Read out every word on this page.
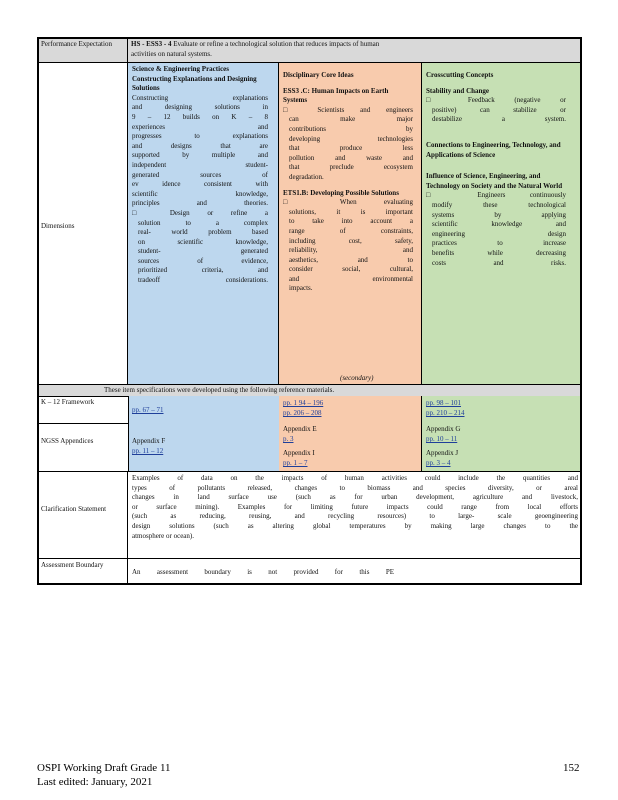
Performance Expectation	HS - ESS3 - 4 Evaluate or refine a technological solution that reduces impacts of human
activities on natural systems.
Dimensions
Science & Engineering Practices
Constructing Explanations and Designing Solutions
Constructing explanations
and designing solutions in
9 – 12 builds on K – 8
experiences and
progresses to explanations
and designs that are
supported by multiple and
independent student-
generated sources of
ev idence consistent with
scientific knowledge,
principles and theories.
□ Design or refine a
solution to a complex
real- world problem based
on scientific knowledge,
student- generated
sources of evidence,
prioritized criteria, and
tradeoff considerations.
Disciplinary Core Ideas
ESS3 .C: Human Impacts on Earth Systems
□ Scientists and engineers
can make major
contributions by
developing technologies
that produce less
pollution and waste and
that preclude ecosystem
degradation.
ETS1.B: Developing Possible Solutions
□ When evaluating
solutions, it is important
to take into account a
range of constraints,
including cost, safety,
reliability, and
aesthetics, and to
consider social, cultural,
and environmental
impacts.
(secondary)
Crosscutting Concepts
Stability and Change
□ Feedback (negative or
positive) can stabilize or
destabilize a system.
Connections to Engineering, Technology, and Applications of Science
Influence of Science, Engineering, and Technology on Society and the Natural World
□ Engineers continuously
modify these technological
systems by applying
scientific knowledge and
engineering design
practices to increase
benefits while decreasing
costs and risks.
These item specifications were developed using the following reference materials.
K – 12 Framework
pp. 67 – 71
pp. 1 94 – 196
pp. 206 – 208
pp. 98 – 101
pp. 210 – 214
NGSS Appendices	Appendix F
pp. 11 – 12
Appendix E
p. 3
Appendix I
pp. 1 – 7
Appendix G
pp. 10 – 11
Appendix J
pp. 3 – 4
Clarification Statement
Examples of data on the impacts of human activities could include the quantities and
types of pollutants released, changes to biomass and species diversity, or areal
changes in land surface use (such as for urban development, agriculture and livestock,
or surface mining). Examples for limiting future impacts could range from local efforts
(such as reducing, reusing, and recycling resources) to large- scale geoengineering
design solutions (such as altering global temperatures by making large changes to the
atmosphere or ocean).
Assessment Boundary
An assessment boundary is not provided for this PE
OSPI Working Draft Grade 11
Last edited: January, 2021
152
